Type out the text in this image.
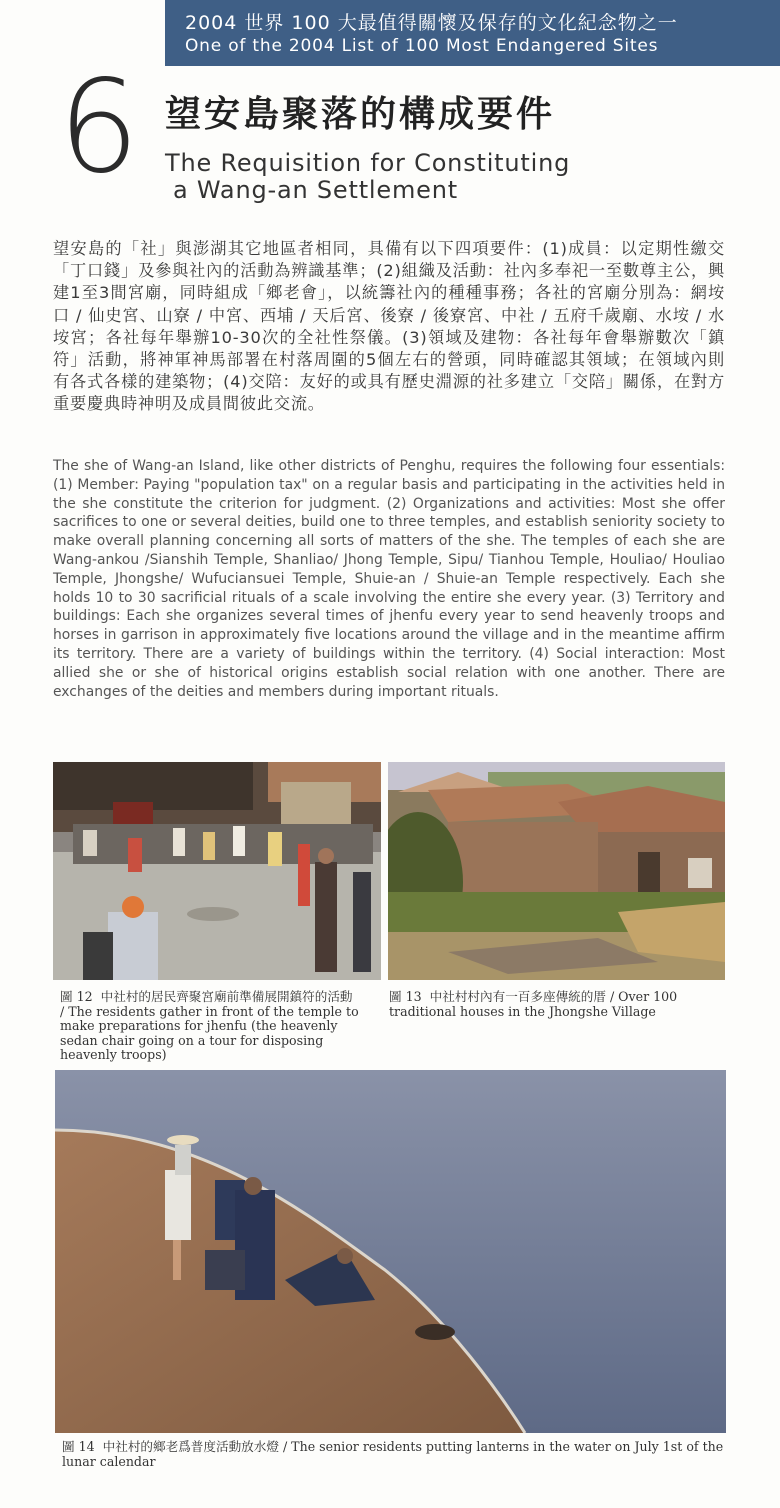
2004 世界 100 大最值得關懷及保存的文化紀念物之一
One of the 2004 List of 100 Most Endangered Sites
6 望安島聚落的構成要件
The Requisition for Constituting
a Wang-an Settlement

望安島的「社」與澎湖其它地區者相同，具備有以下四項要件：(1)成員：以定期性繳交「丁口錢」及參與社內的活動為辨識基準；(2)組織及活動：社內多奉祀一至數尊主公，興建1至3間宮廟，同時組成「鄉老會」，以統籌社內的種種事務；各社的宮廟分別為：網垵口 / 仙史宮、山寮 / 中宮、西埔 / 天后宮、後寮 / 後寮宮、中社 / 五府千歲廟、水垵 / 水垵宮；各社每年舉辦10-30次的全社性祭儀。(3)領域及建物：各社每年會舉辦數次「鎮符」活動，將神軍神馬部署在村落周圍的5個左右的營頭，同時確認其領域；在領域內則有各式各樣的建築物；(4)交陪：友好的或具有歷史淵源的社多建立「交陪」關係，在對方重要慶典時神明及成員間彼此交流。

The she of Wang-an Island, like other districts of Penghu, requires the following four essentials: (1) Member: Paying "population tax" on a regular basis and participating in the activities held in the she constitute the criterion for judgment. (2) Organizations and activities: Most she offer sacrifices to one or several deities, build one to three temples, and establish seniority society to make overall planning concerning all sorts of matters of the she. The temples of each she are Wang-ankou /Sianshih Temple, Shanliao/ Jhong Temple, Sipu/ Tianhou Temple, Houliao/ Houliao Temple, Jhongshe/ Wufuciansuei Temple, Shuie-an / Shuie-an Temple respectively. Each she holds 10 to 30 sacrificial rituals of a scale involving the entire she every year. (3) Territory and buildings: Each she organizes several times of jhenfu every year to send heavenly troops and horses in garrison in approximately five locations around the village and in the meantime affirm its territory. There are a variety of buildings within the territory. (4) Social interaction: Most allied she or she of historical origins establish social relation with one another. There are exchanges of the deities and members during important rituals.

圖 12 中社村的居民齊聚宮廟前準備展開鎮符的活動 / The residents gather in front of the temple to make preparations for jhenfu (the heavenly sedan chair going on a tour for disposing heavenly troops)

圖 13 中社村村內有一百多座傳統的厝 / Over 100 traditional houses in the Jhongshe Village

圖 14 中社村的鄉老爲普度活動放水燈 / The senior residents putting lanterns in the water on July 1st of the lunar calendar
